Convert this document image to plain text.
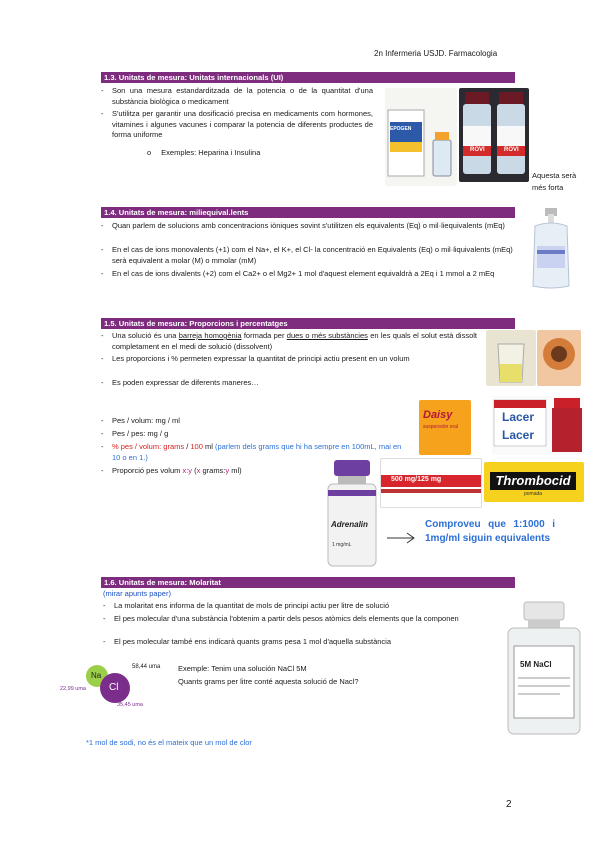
2n Infermeria USJD. Farmacologia
1.3. Unitats de mesura: Unitats internacionals (UI)
-	Son una mesura estandarditzada de la potencia o de la quantitat d'una substància biològica o medicament
-	S'utilitza per garantir una dosificació precisa en medicaments com hormones, vitamines i algunes vacunes i comparar la potencia de diferents productes de forma uniforme
o Exemples: Heparina i Insulina
EPOGEN
ROVI	ROVI
Aquesta serà més forta
1.4. Unitats de mesura: miliequival.lents
-	Quan parlem de solucions amb concentracions iòniques sovint s'utilitzen els equivalents (Eq) o mil·liequivalents (mEq)
-	En el cas de ions monovalents (+1) com el Na+, el K+, el Cl- la concentració en Equivalents (Eq) o mil·liquivalents (mEq) serà equivalent a molar (M) o mmolar (mM)
-	En el cas de ions divalents (+2) com el Ca2+ o el Mg2+ 1 mol d'aquest element equivaldrà a 2Eq i 1 mmol a 2 mEq
1.5. Unitats de mesura: Proporcions i percentatges
-	Una solució és una barreja homogènia formada per dues o més substàncies en les quals el solut està dissolt completament en el medi de solució (dissolvent)
-	Les proporcions i % permeten expressar la quantitat de principi actiu present en un volum
-	Es poden expressar de diferents maneres…
-	Pes / volum: mg / ml
-	Pes / pes: mg / g
-	% pes / volum: grams / 100 ml (parlem dels grams que hi ha sempre en 100mL, mai en 10 o en 1.)
-	Proporció pes volum x:y (x grams:y ml)
Daisy
suspensión oral
Lacer
Lacer
500 mg/125 mg	Thrombocid
pomada
Adrenalin
1 mg/mL
Comproveu que 1:1000 i 1mg/ml siguin equivalents
1.6. Unitats de mesura: Molaritat
(mirar apunts paper)
-	La molaritat ens informa de la quantitat de mols de principi actiu per litre de solució
-	El pes molecular d'una substància l'obtenim a partir dels pesos atòmics dels elements que la componen
-	El pes molecular també ens indicarà quants grams pesa 1 mol d'aquella substància
Na
Cl
58,44 uma
22,99 uma
35,45 uma
Exemple: Tenim una solución NaCl 5M
Quants grams per litre conté aquesta solució de Nacl?
*1 mol de sodi, no és el mateix que un mol de clor
5M NaCl
2
